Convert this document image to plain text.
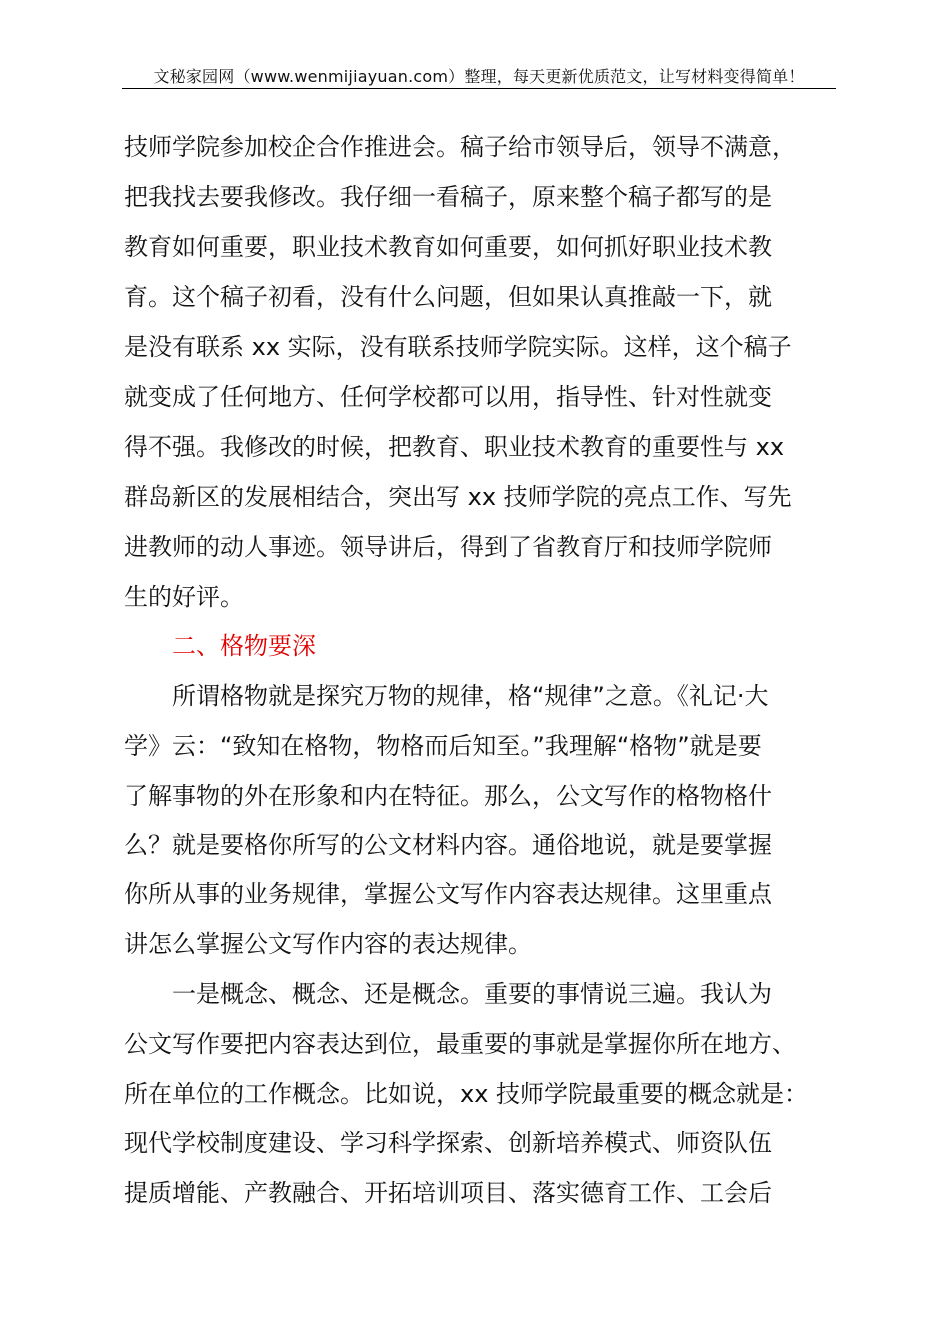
文秘家园网（www.wenmijiayuan.com）整理，每天更新优质范文，让写材料变得简单！
技师学院参加校企合作推进会。稿子给市领导后，领导不满意，
把我找去要我修改。我仔细一看稿子，原来整个稿子都写的是
教育如何重要，职业技术教育如何重要，如何抓好职业技术教
育。这个稿子初看，没有什么问题，但如果认真推敲一下，就
是没有联系 xx 实际，没有联系技师学院实际。这样，这个稿子
就变成了任何地方、任何学校都可以用，指导性、针对性就变
得不强。我修改的时候，把教育、职业技术教育的重要性与 xx
群岛新区的发展相结合，突出写 xx 技师学院的亮点工作、写先
进教师的动人事迹。领导讲后，得到了省教育厅和技师学院师
生的好评。
二、格物要深
所谓格物就是探究万物的规律，格“规律”之意。《礼记·大
学》云：“致知在格物，物格而后知至。”我理解“格物”就是要
了解事物的外在形象和内在特征。那么，公文写作的格物格什
么？就是要格你所写的公文材料内容。通俗地说，就是要掌握
你所从事的业务规律，掌握公文写作内容表达规律。这里重点
讲怎么掌握公文写作内容的表达规律。
一是概念、概念、还是概念。重要的事情说三遍。我认为
公文写作要把内容表达到位，最重要的事就是掌握你所在地方、
所在单位的工作概念。比如说，xx 技师学院最重要的概念就是：
现代学校制度建设、学习科学探索、创新培养模式、师资队伍
提质增能、产教融合、开拓培训项目、落实德育工作、工会后
